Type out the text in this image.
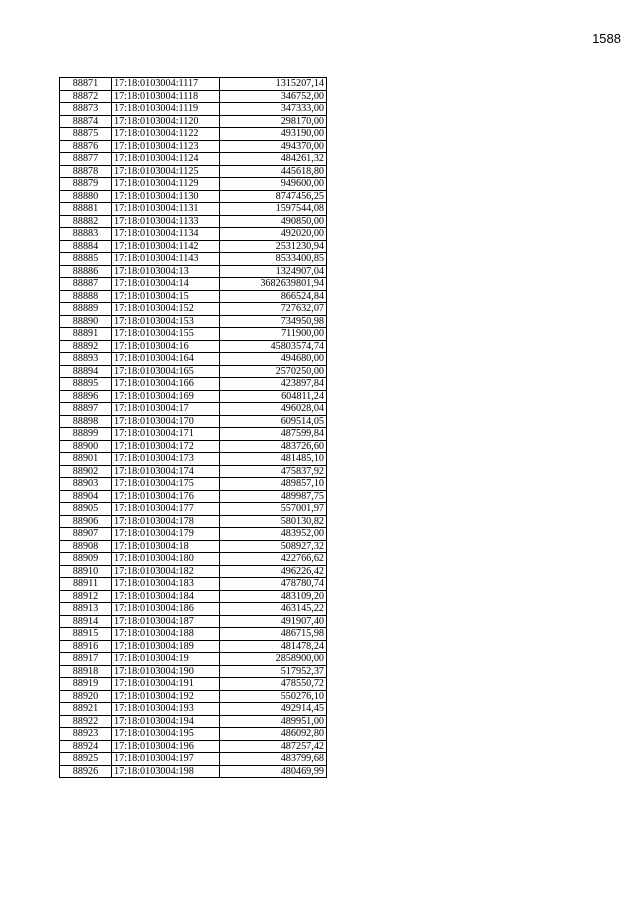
1588
88871	17:18:0103004:1117	1315207,14
88872	17:18:0103004:1118	346752,00
88873	17:18:0103004:1119	347333,00
88874	17:18:0103004:1120	298170,00
88875	17:18:0103004:1122	493190,00
88876	17:18:0103004:1123	494370,00
88877	17:18:0103004:1124	484261,32
88878	17:18:0103004:1125	445618,80
88879	17:18:0103004:1129	949600,00
88880	17:18:0103004:1130	8747456,25
88881	17:18:0103004:1131	1597544,08
88882	17:18:0103004:1133	490850,00
88883	17:18:0103004:1134	492020,00
88884	17:18:0103004:1142	2531230,94
88885	17:18:0103004:1143	8533400,85
88886	17:18:0103004:13	1324907,04
88887	17:18:0103004:14	3682639801,94
88888	17:18:0103004:15	866524,84
88889	17:18:0103004:152	727632,07
88890	17:18:0103004:153	734950,98
88891	17:18:0103004:155	711900,00
88892	17:18:0103004:16	45803574,74
88893	17:18:0103004:164	494680,00
88894	17:18:0103004:165	2570250,00
88895	17:18:0103004:166	423897,84
88896	17:18:0103004:169	604811,24
88897	17:18:0103004:17	496028,04
88898	17:18:0103004:170	609514,05
88899	17:18:0103004:171	487599,84
88900	17:18:0103004:172	483726,60
88901	17:18:0103004:173	481485,10
88902	17:18:0103004:174	475837,92
88903	17:18:0103004:175	489857,10
88904	17:18:0103004:176	489987,75
88905	17:18:0103004:177	557001,97
88906	17:18:0103004:178	580130,82
88907	17:18:0103004:179	483952,00
88908	17:18:0103004:18	508927,32
88909	17:18:0103004:180	422766,62
88910	17:18:0103004:182	496226,42
88911	17:18:0103004:183	478780,74
88912	17:18:0103004:184	483109,20
88913	17:18:0103004:186	463145,22
88914	17:18:0103004:187	491907,40
88915	17:18:0103004:188	486715,98
88916	17:18:0103004:189	481478,24
88917	17:18:0103004:19	2858900,00
88918	17:18:0103004:190	517952,37
88919	17:18:0103004:191	478550,72
88920	17:18:0103004:192	550276,10
88921	17:18:0103004:193	492914,45
88922	17:18:0103004:194	489951,00
88923	17:18:0103004:195	486092,80
88924	17:18:0103004:196	487257,42
88925	17:18:0103004:197	483799,68
88926	17:18:0103004:198	480469,99
